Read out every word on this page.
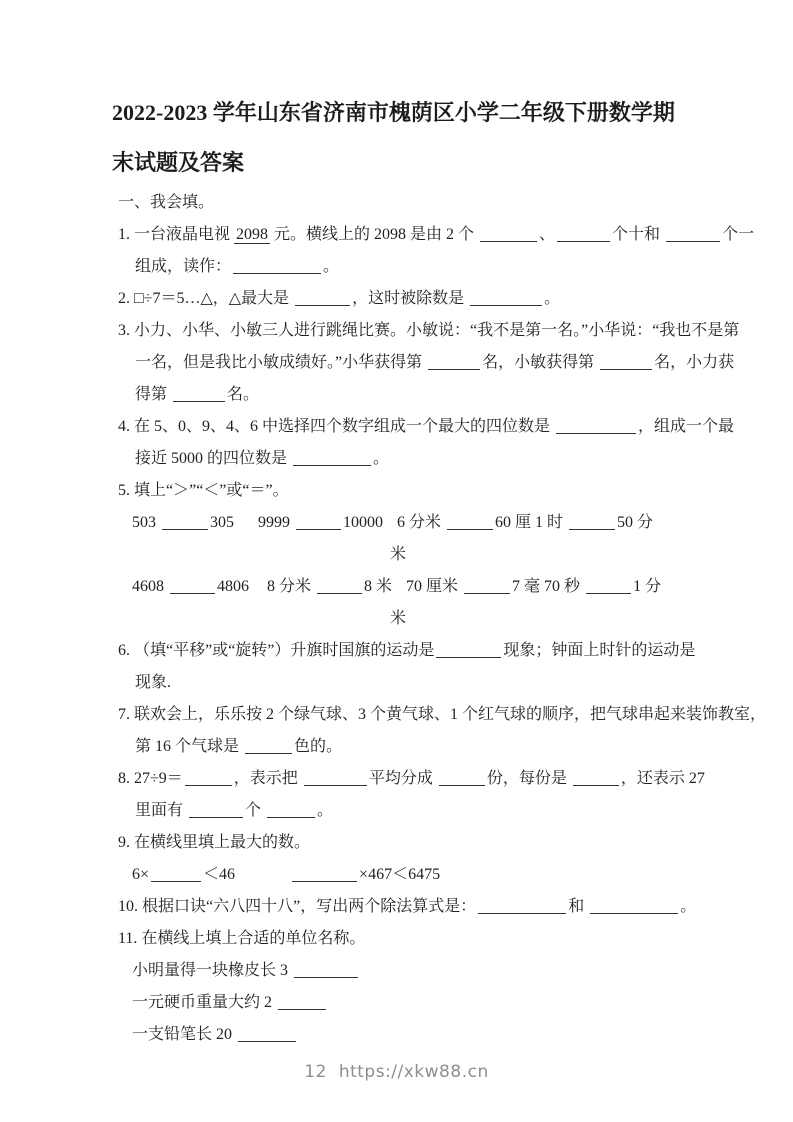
2022-2023 学年山东省济南市槐荫区小学二年级下册数学期
末试题及答案
一、我会填。
1. 一台液晶电视 2098 元。横线上的 2098 是由 2 个	、	个十和	个一
组成，读作：	。
2. □÷7＝5…△，△最大是	，这时被除数是	。
3. 小力、小华、小敏三人进行跳绳比赛。小敏说：“我不是第一名。”小华说：“我也不是第
一名，但是我比小敏成绩好。”小华获得第	名，小敏获得第	名，小力获
得第	名。
4. 在 5、0、9、4、6 中选择四个数字组成一个最大的四位数是	，组成一个最
接近 5000 的四位数是	。
5. 填上“＞”“＜”或“＝”。
503	305 9999	10000 6 分米	60 厘 1 时	50 分
米
4608	4806 8 分米	8 米 70 厘米	7 毫 70 秒	1 分
米
6. （填“平移”或“旋转”）升旗时国旗的运动是	现象；钟面上时针的运动是
现象.
7. 联欢会上，乐乐按 2 个绿气球、3 个黄气球、1 个红气球的顺序，把气球串起来装饰教室，
第 16 个气球是	色的。
8. 27÷9＝	，表示把	平均分成	份，每份是	，还表示 27
里面有	个	。
9. 在横线里填上最大的数。
6×	＜46	×467＜6475
10. 根据口诀“六八四十八”，写出两个除法算式是：	和	。
11. 在横线上填上合适的单位名称。
小明量得一块橡皮长 3
一元硬币重量大约 2
一支铅笔长 20
12 https://xkw88.cn
